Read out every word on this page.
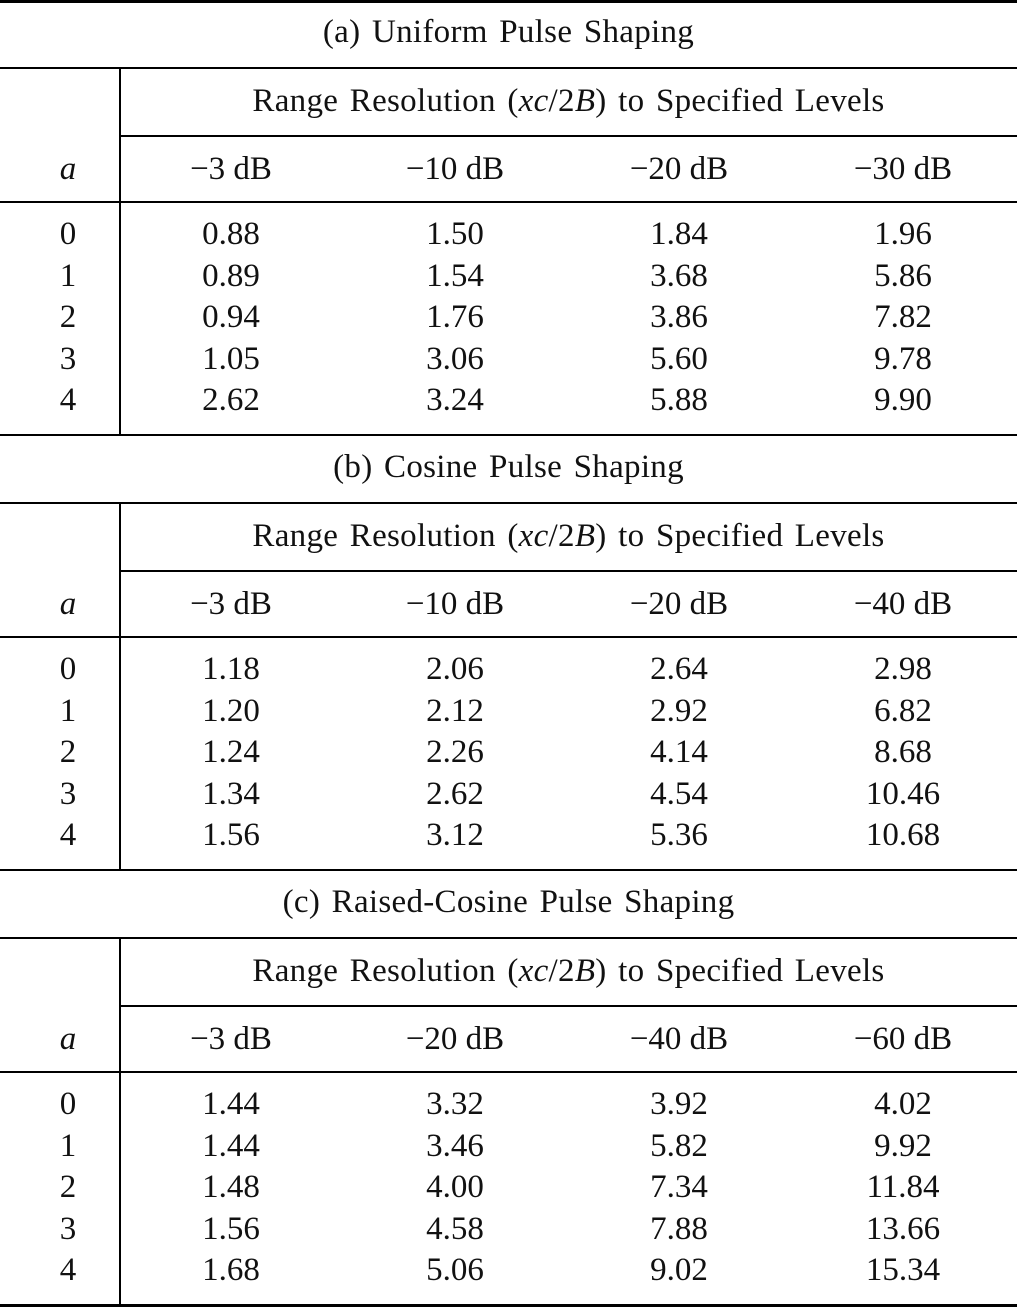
(a) Uniform Pulse Shaping
Range Resolution (xc/2B) to Specified Levels
a	−3 dB	−10 dB	−20 dB	−30 dB
0	0.88	1.50	1.84	1.96
1	0.89	1.54	3.68	5.86
2	0.94	1.76	3.86	7.82
3	1.05	3.06	5.60	9.78
4	2.62	3.24	5.88	9.90
(b) Cosine Pulse Shaping
Range Resolution (xc/2B) to Specified Levels
a	−3 dB	−10 dB	−20 dB	−40 dB
0	1.18	2.06	2.64	2.98
1	1.20	2.12	2.92	6.82
2	1.24	2.26	4.14	8.68
3	1.34	2.62	4.54	10.46
4	1.56	3.12	5.36	10.68
(c) Raised-Cosine Pulse Shaping
Range Resolution (xc/2B) to Specified Levels
a	−3 dB	−20 dB	−40 dB	−60 dB
0	1.44	3.32	3.92	4.02
1	1.44	3.46	5.82	9.92
2	1.48	4.00	7.34	11.84
3	1.56	4.58	7.88	13.66
4	1.68	5.06	9.02	15.34
